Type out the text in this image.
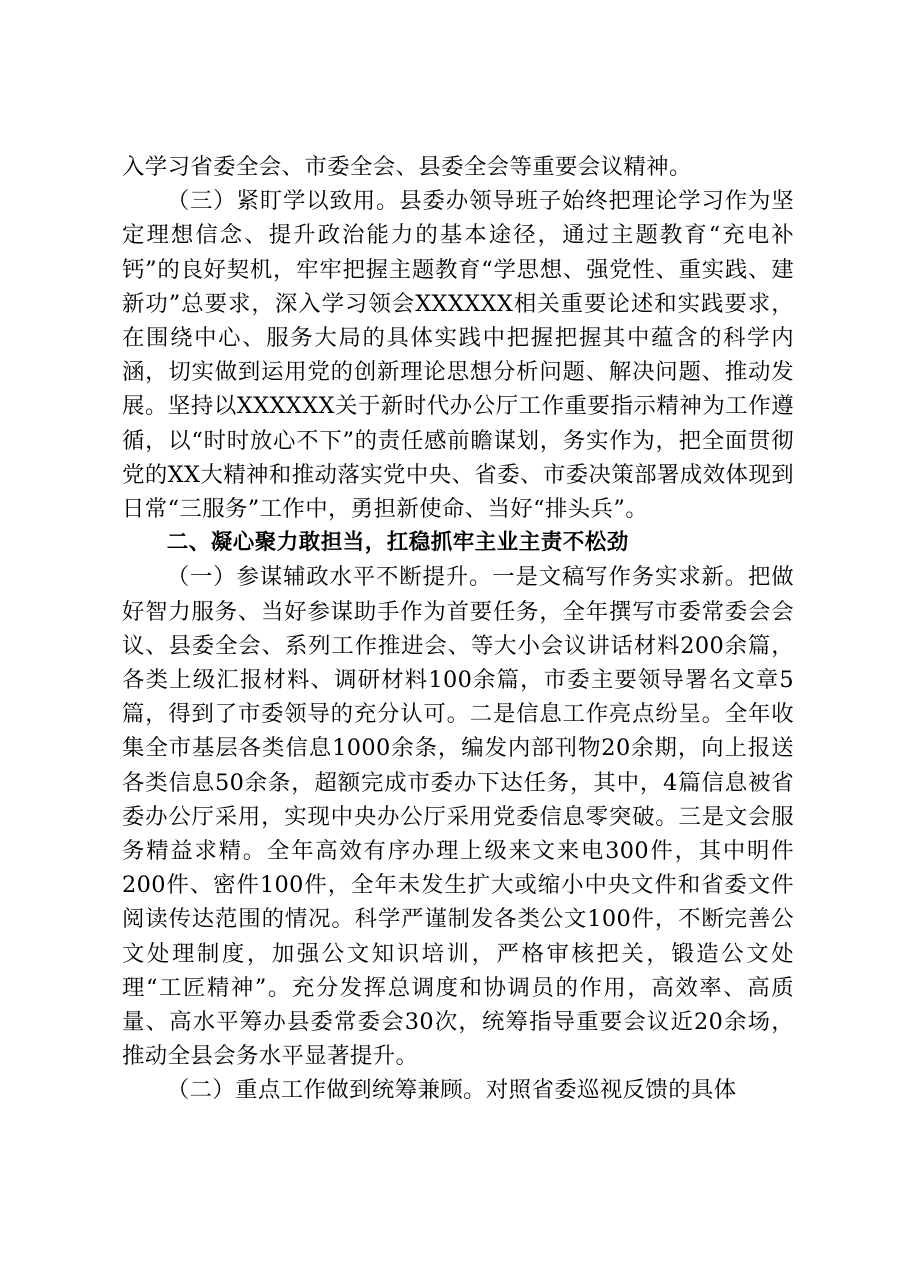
入学习省委全会、市委全会、县委全会等重要会议精神。

（三）紧盯学以致用。县委办领导班子始终把理论学习作为坚定理想信念、提升政治能力的基本途径，通过主题教育“充电补钙”的良好契机，牢牢把握主题教育“学思想、强党性、重实践、建新功”总要求，深入学习领会XXXXXX相关重要论述和实践要求，在围绕中心、服务大局的具体实践中把握把握其中蕴含的科学内涵，切实做到运用党的创新理论思想分析问题、解决问题、推动发展。坚持以XXXXXX关于新时代办公厅工作重要指示精神为工作遵循，以“时时放心不下”的责任感前瞻谋划，务实作为，把全面贯彻党的XX大精神和推动落实党中央、省委、市委决策部署成效体现到日常“三服务”工作中，勇担新使命、当好“排头兵”。

二、凝心聚力敢担当，扛稳抓牢主业主责不松劲

（一）参谋辅政水平不断提升。一是文稿写作务实求新。把做好智力服务、当好参谋助手作为首要任务，全年撰写市委常委会会议、县委全会、系列工作推进会、等大小会议讲话材料200余篇，各类上级汇报材料、调研材料100余篇，市委主要领导署名文章5篇，得到了市委领导的充分认可。二是信息工作亮点纷呈。全年收集全市基层各类信息1000余条，编发内部刊物20余期，向上报送各类信息50余条，超额完成市委办下达任务，其中，4篇信息被省委办公厅采用，实现中央办公厅采用党委信息零突破。三是文会服务精益求精。全年高效有序办理上级来文来电300件，其中明件200件、密件100件，全年未发生扩大或缩小中央文件和省委文件阅读传达范围的情况。科学严谨制发各类公文100件，不断完善公文处理制度，加强公文知识培训，严格审核把关，锻造公文处理“工匠精神”。充分发挥总调度和协调员的作用，高效率、高质量、高水平筹办县委常委会30次，统筹指导重要会议近20余场，推动全县会务水平显著提升。

（二）重点工作做到统筹兼顾。对照省委巡视反馈的具体
